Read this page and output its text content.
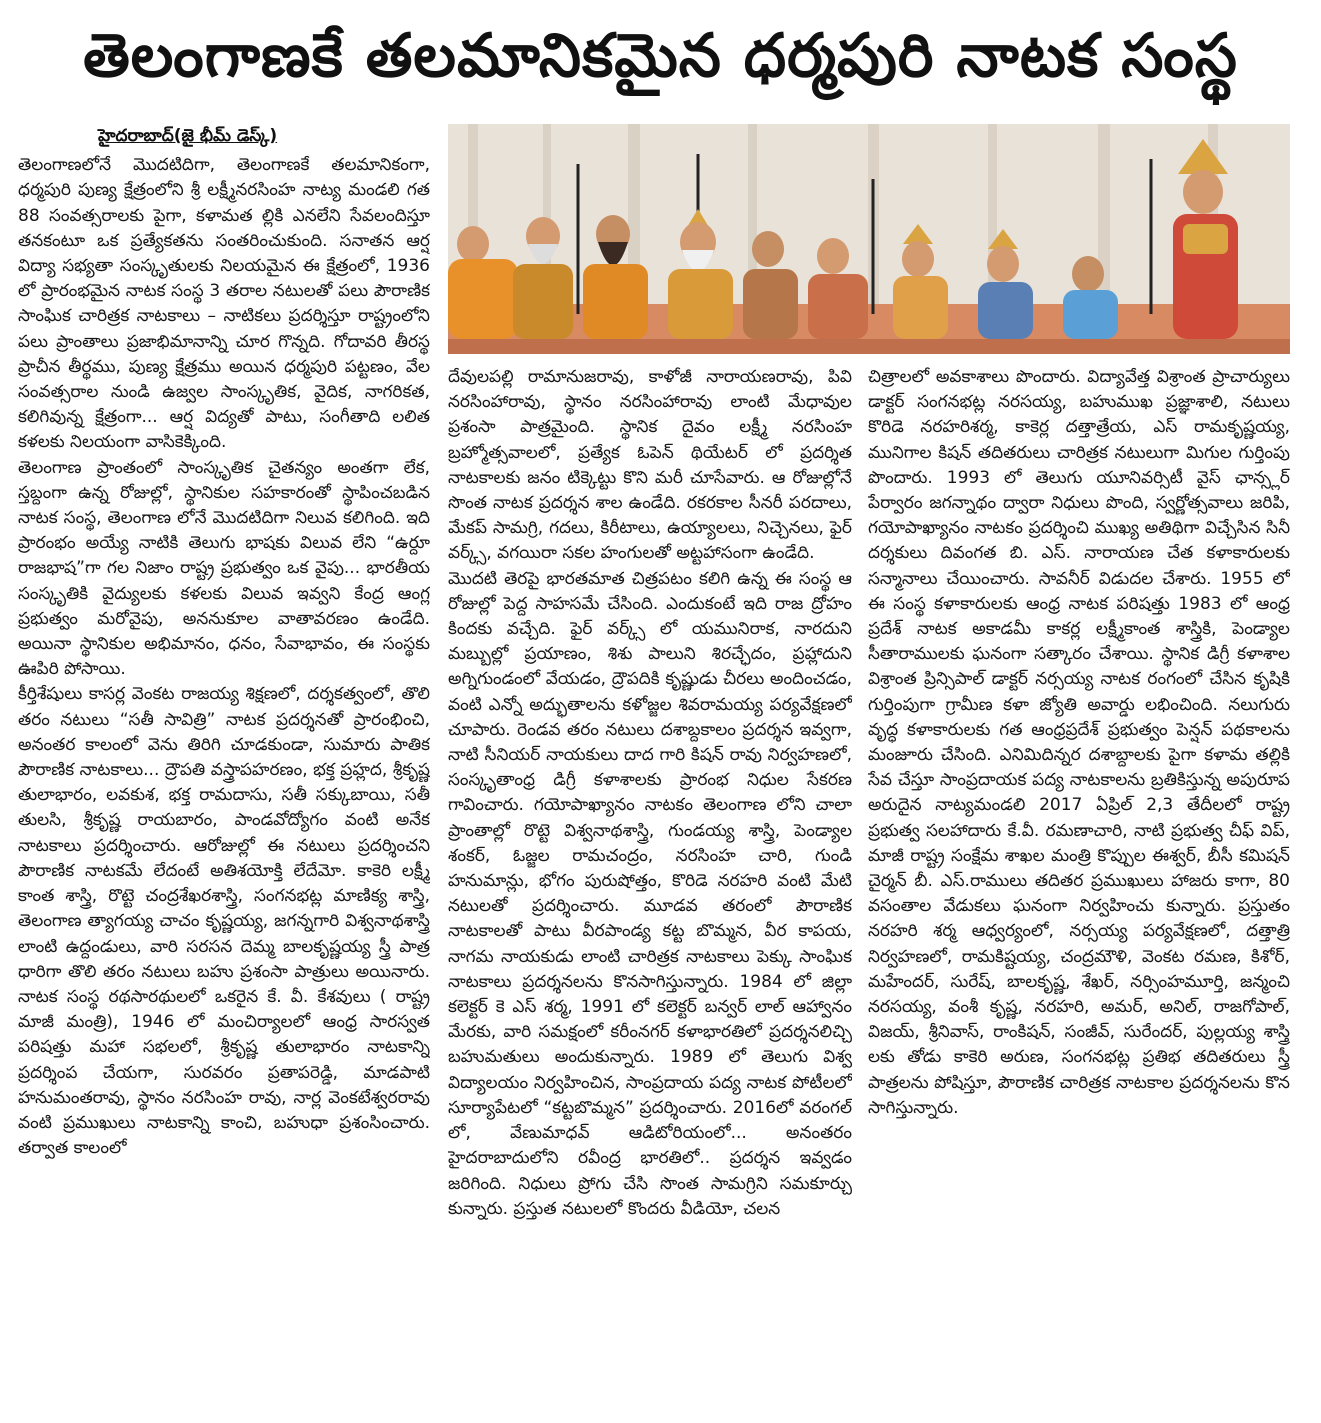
తెలంగాణకే తలమానికమైన ధర్మపురి నాటక సంస్థ
హైదరాబాద్(జై భీమ్ డెస్క్)

తెలంగాణలోనే మొదటిదిగా, తెలంగాణకే తలమానికంగా, ధర్మపురి పుణ్య క్షేత్రంలోని శ్రీ లక్ష్మీనరసింహ నాట్య మండలి గత 88 సంవత్సరాలకు పైగా, కళామత ల్లికి ఎనలేని సేవలందిస్తూ తనకంటూ ఒక ప్రత్యేకతను సంతరించుకుంది. సనాతన ఆర్ష విద్యా సభ్యతా సంస్కృతులకు నిలయమైన ఈ క్షేత్రంలో, 1936 లో ప్రారంభమైన నాటక సంస్థ 3 తరాల నటులతో పలు పౌరాణిక సాంఘిక చారిత్రక నాటకాలు – నాటికలు ప్రదర్శిస్తూ రాష్ట్రంలోని పలు ప్రాంతాలు ప్రజాభిమానాన్ని చూర గొన్నది. గోదావరి తీరస్థ ప్రాచీన తీర్థము, పుణ్య క్షేత్రము అయిన ధర్మపురి పట్టణం, వేల సంవత్సరాల నుండి ఉజ్వల సాంస్కృతిక, వైదిక, నాగరికత, కలిగివున్న క్షేత్రంగా... ఆర్ష విద్యతో పాటు, సంగీతాది లలిత కళలకు నిలయంగా వాసికెక్కింది.

తెలంగాణ ప్రాంతంలో సాంస్కృతిక చైతన్యం అంతగా లేక, స్తబ్దంగా ఉన్న రోజుల్లో, స్థానికుల సహకారంతో స్థాపించబడిన నాటక సంస్థ, తెలంగాణ లోనే మొదటిదిగా నిలువ కలిగింది. ఇది ప్రారంభం అయ్యే నాటికి తెలుగు భాషకు విలువ లేని “ఉర్దూ రాజభాష”గా గల నిజాం రాష్ట్ర ప్రభుత్వం ఒక వైపు... భారతీయ సంస్కృతికి వైద్యులకు కళలకు విలువ ఇవ్వని కేంద్ర ఆంగ్ల ప్రభుత్వం మరోవైపు, అననుకూల వాతావరణం ఉండేది. అయినా స్థానికుల అభిమానం, ధనం, సేవాభావం, ఈ సంస్థకు ఊపిరి పోసాయి.

కీర్తిశేషులు కాసర్ల వెంకట రాజయ్య శిక్షణలో, దర్శకత్వంలో, తొలి తరం నటులు “సతీ సావిత్రి” నాటక ప్రదర్శనతో ప్రారంభించి, అనంతర కాలంలో వెను తిరిగి చూడకుండా, సుమారు పాతిక పౌరాణిక నాటకాలు... ద్రౌపతి వస్త్రాపహరణం, భక్త ప్రహ్లద, శ్రీకృష్ణ తులాభారం, లవకుశ, భక్త రామదాసు, సతీ సక్కుబాయి, సతీ తులసి, శ్రీకృష్ణ రాయబారం, పాండవోద్యోగం వంటి అనేక నాటకాలు ప్రదర్శించారు. ఆరోజుల్లో ఈ నటులు ప్రదర్శించని పౌరాణిక నాటకమే లేదంటే అతిశయోక్తి లేదేమో. కాకెరి లక్ష్మీ కాంత శాస్త్రి, రొట్టె చంద్రశేఖరశాస్త్రి, సంగనభట్ల మాణిక్య శాస్త్రి, తెలంగాణ త్యాగయ్య చాచం కృష్ణయ్య, జగన్నగారి విశ్వనాథశాస్త్రి లాంటి ఉద్దండులు, వారి సరసన దెమ్మ బాలకృష్ణయ్య స్త్రీ పాత్ర ధారిగా తొలి తరం నటులు బహు ప్రశంసా పాత్రులు అయినారు. నాటక సంస్థ రథసారథులలో ఒకరైన కే. వీ. కేశవులు ( రాష్ట్ర మాజీ మంత్రి), 1946 లో మంచిర్యాలలో ఆంధ్ర సారస్వత పరిషత్తు మహా సభలలో, శ్రీకృష్ణ తులాభారం నాటకాన్ని ప్రదర్శింప చేయగా, సురవరం ప్రతాపరెడ్డి, మాడపాటి హనుమంతరావు, స్థానం నరసింహ రావు, నార్ల వెంకటేశ్వరరావు వంటి ప్రముఖులు నాటకాన్ని కాంచి, బహుధా ప్రశంసించారు. తర్వాత కాలంలో

దేవులపల్లి రామానుజరావు, కాళోజీ నారాయణరావు, పివి నరసింహారావు, స్థానం నరసింహారావు లాంటి మేధావుల ప్రశంసా పాత్రమైంది. స్థానిక దైవం లక్ష్మీ నరసింహ బ్రహ్మోత్సవాలలో, ప్రత్యేక ఓపెన్ థియేటర్ లో ప్రదర్శిత నాటకాలకు జనం టిక్కెట్టు కొని మరీ చూసేవారు. ఆ రోజుల్లోనే సొంత నాటక ప్రదర్శన శాల ఉండేది. రకరకాల సీనరీ పరదాలు, మేకప్ సామగ్రి, గదలు, కిరీటాలు, ఉయ్యాలలు, నిచ్చెనలు, ఫైర్ వర్క్స్, వగయిరా సకల హంగులతో అట్టహాసంగా ఉండేది.

మొదటి తెరపై భారతమాత చిత్రపటం కలిగి ఉన్న ఈ సంస్థ ఆ రోజుల్లో పెద్ద సాహసమే చేసింది. ఎందుకంటే ఇది రాజ ద్రోహం కిందకు వచ్చేది. ఫైర్ వర్క్స్ లో యమునిరాక, నారదుని మబ్బుల్లో ప్రయాణం, శిశు పాలుని శిరచ్ఛేదం, ప్రహ్లాదుని అగ్నిగుండంలో వేయడం, ద్రౌపదికి కృష్ణుడు చీరలు అందించడం, వంటి ఎన్నో అద్భుతాలను కళోజ్జల శివరామయ్య పర్యవేక్షణలో చూపారు. రెండవ తరం నటులు దశాబ్దకాలం ప్రదర్శన ఇవ్వగా, నాటి సీనియర్ నాయకులు దాద గారి కిషన్ రావు నిర్వహణలో, సంస్కృతాంధ్ర డిగ్రీ కళాశాలకు ప్రారంభ నిధుల సేకరణ గావించారు. గయోపాఖ్యానం నాటకం తెలంగాణ లోని చాలా ప్రాంతాల్లో రొట్టె విశ్వనాథశాస్త్రి, గుండయ్య శాస్త్రి, పెండ్యాల శంకర్, ఓజ్జల రామచంద్రం, నరసింహ చారి, గుండి హనుమాన్లు, భోగం పురుషోత్తం, కొరిడె నరహరి వంటి మేటి నటులతో ప్రదర్శించారు. మూడవ తరంలో పౌరాణిక నాటకాలతో పాటు వీరపాండ్య కట్ట బొమ్మన, వీర కాపయ, నాగమ నాయకుడు లాంటి చారిత్రక నాటకాలు పెక్కు సాంఘిక నాటకాలు ప్రదర్శనలను కొనసాగిస్తున్నారు. 1984 లో జిల్లా కలెక్టర్ కె ఎస్ శర్మ, 1991 లో కలెక్టర్ బన్వర్ లాల్ ఆహ్వానం మేరకు, వారి సమక్షంలో కరీంనగర్ కళాభారతిలో ప్రదర్శనలిచ్చి బహుమతులు అందుకున్నారు. 1989 లో తెలుగు విశ్వ విద్యాలయం నిర్వహించిన, సాంప్రదాయ పద్య నాటక పోటీలలో సూర్యాపేటలో “కట్టబొమ్మన” ప్రదర్శించారు. 2016లో వరంగల్ లో, వేణుమాధవ్ ఆడిటోరియంలో... అనంతరం హైదరాబాదులోని రవీంద్ర భారతిలో.. ప్రదర్శన ఇవ్వడం జరిగింది. నిధులు ప్రోగు చేసి సొంత సామగ్రిని సమకూర్చు కున్నారు. ప్రస్తుత నటులలో కొందరు వీడియో, చలన

చిత్రాలలో అవకాశాలు పొందారు. విద్యావేత్త విశ్రాంత ప్రాచార్యులు డాక్టర్ సంగనభట్ల నరసయ్య, బహుముఖ ప్రజ్ఞాశాలి, నటులు కొరిడె నరహరిశర్మ, కాకెర్ల దత్తాత్రేయ, ఎస్ రామకృష్ణయ్య, మునిగాల కిషన్ తదితరులు చారిత్రక నటులుగా మిగుల గుర్తింపు పొందారు. 1993 లో తెలుగు యూనివర్సిటీ వైస్ ఛాన్స్లర్ పేర్వారం జగన్నాథం ద్వారా నిధులు పొంది, స్వర్ణోత్సవాలు జరిపి, గయోపాఖ్యానం నాటకం ప్రదర్శించి ముఖ్య అతిథిగా విచ్చేసిన సినీ దర్శకులు దివంగత బి. ఎస్. నారాయణ చేత కళాకారులకు సన్మానాలు చేయించారు. సావనీర్ విడుదల చేశారు. 1955 లో ఈ సంస్థ కళాకారులకు ఆంధ్ర నాటక పరిషత్తు 1983 లో ఆంధ్ర ప్రదేశ్ నాటక అకాడమీ కాకర్ల లక్ష్మీకాంత శాస్త్రికి, పెండ్యాల సీతారాములకు ఘనంగా సత్కారం చేశాయి. స్థానిక డిగ్రీ కళాశాల విశ్రాంత ప్రిన్సిపాల్ డాక్టర్ నర్సయ్య నాటక రంగంలో చేసిన కృషికి గుర్తింపుగా గ్రామీణ కళా జ్యోతి అవార్డు లభించింది. నలుగురు వృద్ధ కళాకారులకు గత ఆంధ్రప్రదేశ్ ప్రభుత్వం పెన్షన్ పథకాలను మంజూరు చేసింది. ఎనిమిదిన్నర దశాబ్దాలకు పైగా కళామ తల్లికి సేవ చేస్తూ సాంప్రదాయక పద్య నాటకాలను బ్రతికిస్తున్న అపురూప అరుదైన నాట్యమండలి 2017 ఏప్రిల్ 2,3 తేదీలలో రాష్ట్ర ప్రభుత్వ సలహాదారు కే.వీ. రమణాచారి, నాటి ప్రభుత్వ చీఫ్ విప్, మాజీ రాష్ట్ర సంక్షేమ శాఖల మంత్రి కొప్పుల ఈశ్వర్, బీసీ కమిషన్ చైర్మన్ బీ. ఎస్.రాములు తదితర ప్రముఖులు హాజరు కాగా, 80 వసంతాల వేడుకలు ఘనంగా నిర్వహించు కున్నారు. ప్రస్తుతం నరహరి శర్మ ఆధ్వర్యంలో, నర్సయ్య పర్యవేక్షణలో, దత్తాత్రి నిర్వహణలో, రామకిష్టయ్య, చంద్రమౌళి, వెంకట రమణ, కిశోర్, మహేందర్, సురేష్, బాలకృష్ణ, శేఖర్, నర్సింహమూర్తి, జన్మంచి నరసయ్య, వంశీ కృష్ణ, నరహరి, అమర్, అనిల్, రాజగోపాల్, విజయ్, శ్రీనివాస్, రాంకిషన్, సంజీవ్, సురేందర్, పుల్లయ్య శాస్త్రి లకు తోడు కాకెరి అరుణ, సంగనభట్ల ప్రతిభ తదితరులు స్త్రీ పాత్రలను పోషిస్తూ, పౌరాణిక చారిత్రక నాటకాల ప్రదర్శనలను కొన సాగిస్తున్నారు.
